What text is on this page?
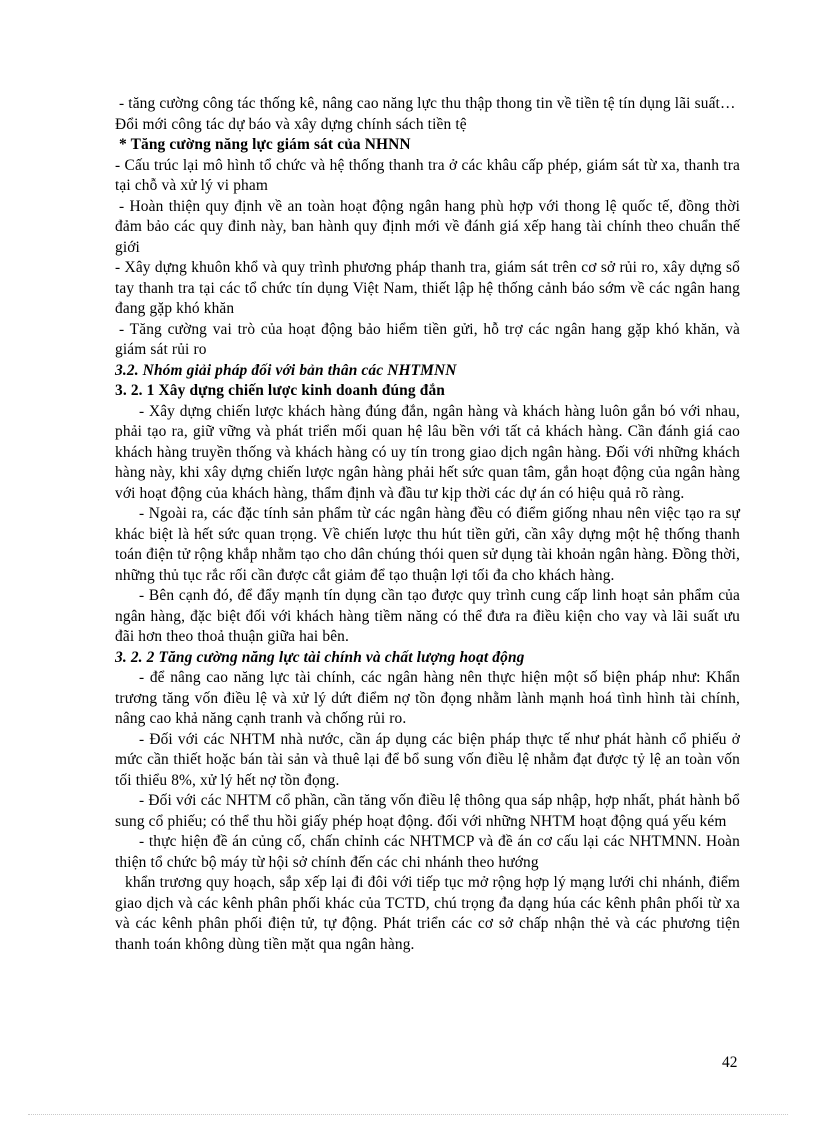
- tăng cường công tác thống kê, nâng cao năng lực thu thập thong tin về tiền tệ tín dụng lãi suất…

Đổi mới công tác dự báo và xây dựng chính sách tiền tệ

* Tăng cường năng lực giám sát của NHNN

- Cấu trúc lại mô hình tổ chức và hệ thống thanh tra ở các khâu cấp phép, giám sát từ xa, thanh tra tại chỗ và xử lý vi pham

- Hoàn thiện quy định về an toàn hoạt động ngân hang phù hợp với thong lệ quốc tế, đồng thời đảm bảo các quy đinh này, ban hành quy định mới về đánh giá xếp hang tài chính theo chuẩn thế giới

- Xây dựng khuôn khổ và quy trình phương pháp thanh tra, giám sát trên cơ sở rủi ro, xây dựng sổ tay thanh tra tại các tổ chức tín dụng Việt Nam, thiết lập hệ thống cảnh báo sớm về các ngân hang đang gặp khó khăn

- Tăng cường vai trò của hoạt động bảo hiểm tiền gửi, hỗ trợ các ngân hang gặp khó khăn, và giám sát rủi ro

3.2. Nhóm giải pháp đối với bản thân các NHTMNN

3. 2. 1 Xây dựng chiến lược kinh doanh đúng đắn

- Xây dựng chiến lược khách hàng đúng đắn, ngân hàng và khách hàng luôn gắn bó với nhau, phải tạo ra, giữ vững và phát triển mối quan hệ lâu bền với tất cả khách hàng. Cần đánh giá cao khách hàng truyền thống và khách hàng có uy tín trong giao dịch ngân hàng. Đối với những khách hàng này, khi xây dựng chiến lược ngân hàng phải hết sức quan tâm, gắn hoạt động của ngân hàng với hoạt động của khách hàng, thẩm định và đầu tư kịp thời các dự án có hiệu quả rõ ràng.

- Ngoài ra, các đặc tính sản phẩm từ các ngân hàng đều có điểm giống nhau nên việc tạo ra sự khác biệt là hết sức quan trọng. Về chiến lược thu hút tiền gửi, cần xây dựng một hệ thống thanh toán điện tử rộng khắp nhằm tạo cho dân chúng thói quen sử dụng tài khoản ngân hàng. Đồng thời, những thủ tục rắc rối cần được cắt giảm để tạo thuận lợi tối đa cho khách hàng.

- Bên cạnh đó, để đẩy mạnh tín dụng cần tạo được quy trình cung cấp linh hoạt sản phẩm của ngân hàng, đặc biệt đối với khách hàng tiềm năng có thể đưa ra điều kiện cho vay và lãi suất ưu đãi hơn theo thoả thuận giữa hai bên.

3. 2. 2 Tăng cường năng lực tài chính và chất lượng hoạt động

- để nâng cao năng lực tài chính, các ngân hàng nên thực hiện một số biện pháp như: Khẩn trương tăng vốn điều lệ và xử lý dứt điểm nợ tồn đọng nhằm lành mạnh hoá tình hình tài chính, nâng cao khả năng cạnh tranh và chống rủi ro.

- Đối với các NHTM nhà nước, cần áp dụng các biện pháp thực tế như phát hành cổ phiếu ở mức cần thiết hoặc bán tài sản và thuê lại để bổ sung vốn điều lệ nhằm đạt được tỷ lệ an toàn vốn tối thiểu 8%, xử lý hết nợ tồn đọng.

- Đối với các NHTM cổ phần, cần tăng vốn điều lệ thông qua sáp nhập, hợp nhất, phát hành bổ sung cổ phiếu; có thể thu hồi giấy phép hoạt động. đối với những NHTM hoạt động quá yếu kém

- thực hiện đề án củng cố, chấn chỉnh các NHTMCP và đề án cơ cấu lại các NHTMNN. Hoàn thiện tổ chức bộ máy từ hội sở chính đến các chi nhánh theo hướng

khẩn trương quy hoạch, sắp xếp lại đi đôi với tiếp tục mở rộng hợp lý mạng lưới chi nhánh, điểm giao dịch và các kênh phân phối khác của TCTD, chú trọng đa dạng húa các kênh phân phối từ xa và các kênh phân phối điện tử, tự động. Phát triển các cơ sở chấp nhận thẻ và các phương tiện thanh toán không dùng tiền mặt qua ngân hàng.

42
